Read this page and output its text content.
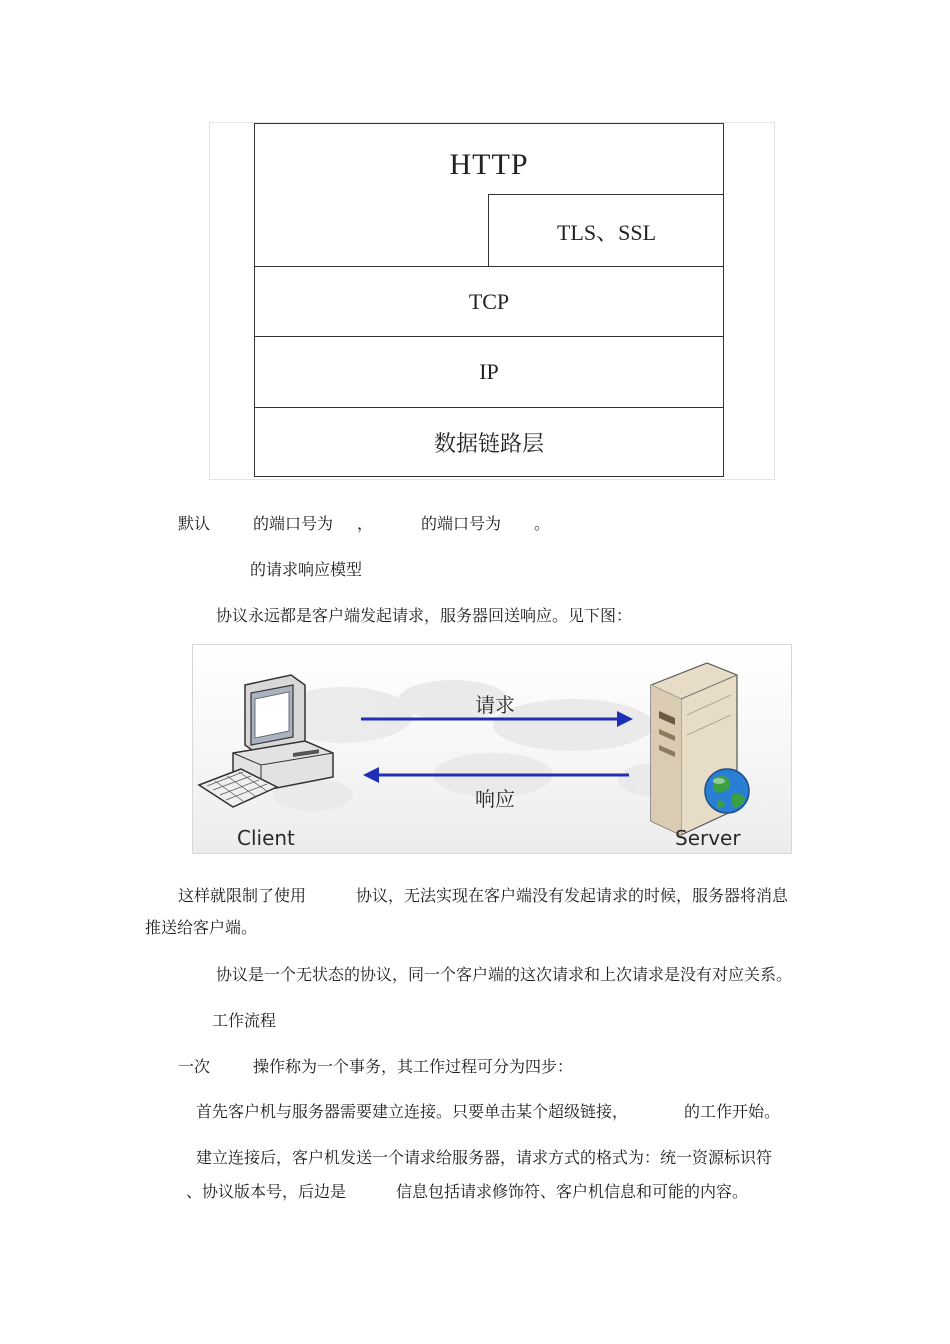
HTTP
TLS、SSL
TCP
IP
数据链路层
默认	的端口号为 ，	的端口号为 。
的请求响应模型
协议永远都是客户端发起请求，服务器回送响应。见下图：
请求
响应
Client	Server
这样就限制了使用	协议，无法实现在客户端没有发起请求的时候，服务器将消息
推送给客户端。
协议是一个无状态的协议，同一个客户端的这次请求和上次请求是没有对应关系。
工作流程
一次	操作称为一个事务，其工作过程可分为四步：
首先客户机与服务器需要建立连接。只要单击某个超级链接，	的工作开始。
建立连接后，客户机发送一个请求给服务器，请求方式的格式为：统一资源标识符
、协议版本号，后边是	信息包括请求修饰符、客户机信息和可能的内容。
